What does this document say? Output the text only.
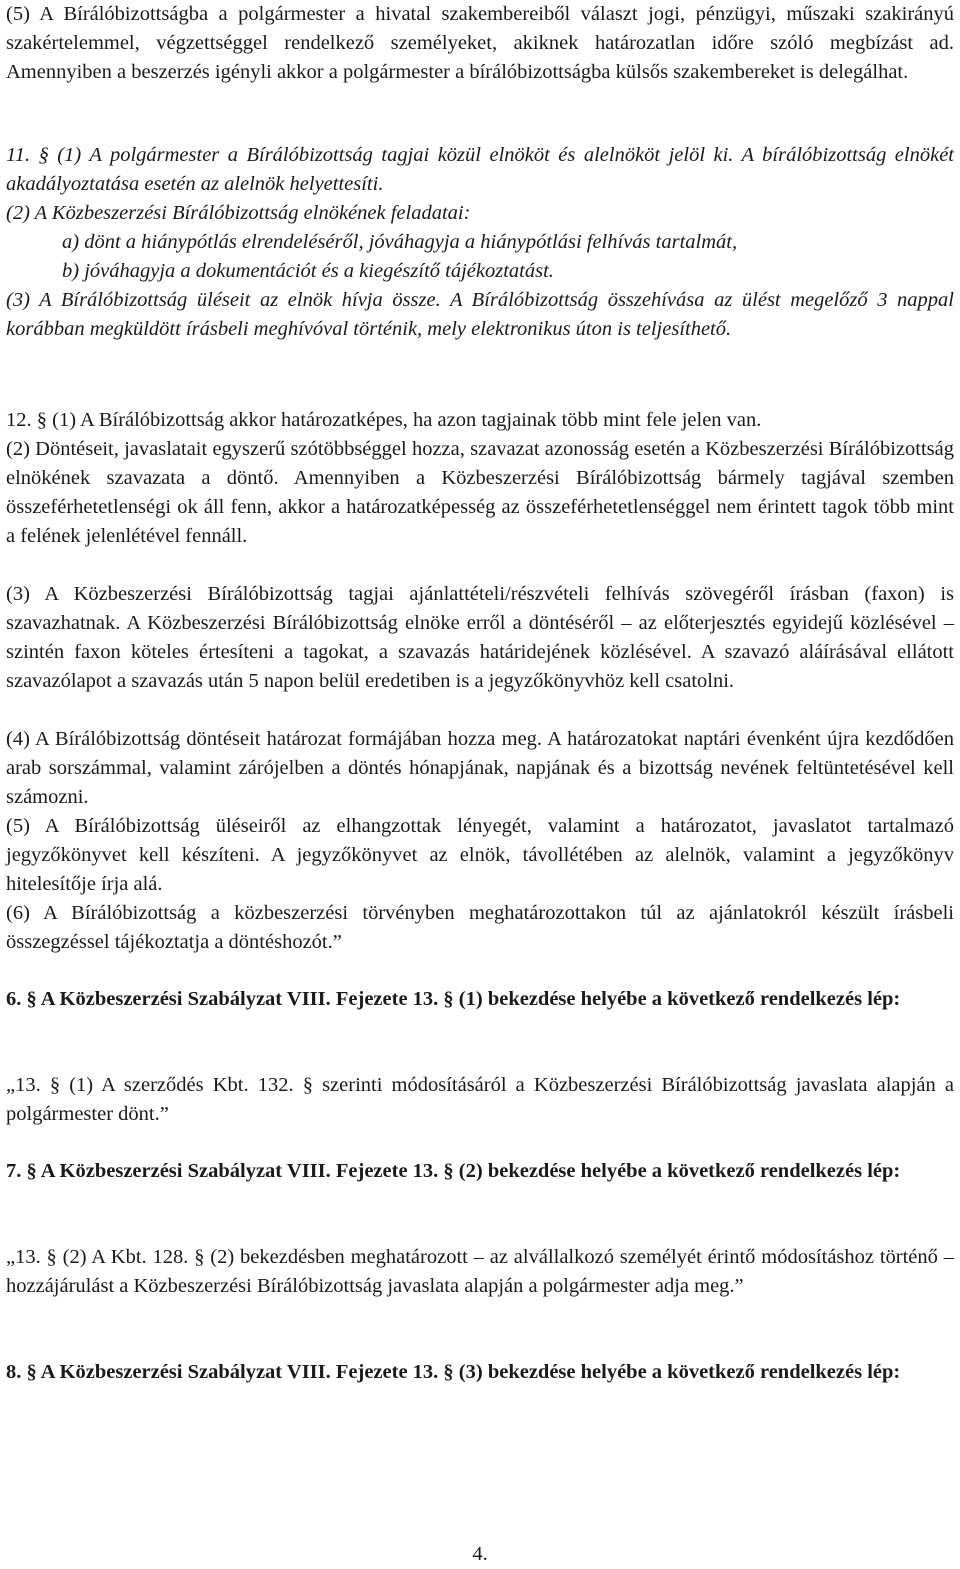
(5) A Bírálóbizottságba a polgármester a hivatal szakembereiből választ jogi, pénzügyi, műszaki szakirányú szakértelemmel, végzettséggel rendelkező személyeket, akiknek határozatlan időre szóló megbízást ad. Amennyiben a beszerzés igényli akkor a polgármester a bírálóbizottságba külsős szakembereket is delegálhat.

11. § (1) A polgármester a Bírálóbizottság tagjai közül elnököt és alelnököt jelöl ki. A bírálóbizottság elnökét akadályoztatása esetén az alelnök helyettesíti.

(2) A Közbeszerzési Bírálóbizottság elnökének feladatai:

a) dönt a hiánypótlás elrendeléséről, jóváhagyja a hiánypótlási felhívás tartalmát,

b) jóváhagyja a dokumentációt és a kiegészítő tájékoztatást.

(3) A Bírálóbizottság üléseit az elnök hívja össze. A Bírálóbizottság összehívása az ülést megelőző 3 nappal korábban megküldött írásbeli meghívóval történik, mely elektronikus úton is teljesíthető.

12. § (1) A Bírálóbizottság akkor határozatképes, ha azon tagjainak több mint fele jelen van.

(2) Döntéseit, javaslatait egyszerű szótöbbséggel hozza, szavazat azonosság esetén a Közbeszerzési Bírálóbizottság elnökének szavazata a döntő. Amennyiben a Közbeszerzési Bírálóbizottság bármely tagjával szemben összeférhetetlenségi ok áll fenn, akkor a határozatképesség az összeférhetetlenséggel nem érintett tagok több mint a felének jelenlétével fennáll.

(3) A Közbeszerzési Bírálóbizottság tagjai ajánlattételi/részvételi felhívás szövegéről írásban (faxon) is szavazhatnak. A Közbeszerzési Bírálóbizottság elnöke erről a döntéséről – az előterjesztés egyidejű közlésével – szintén faxon köteles értesíteni a tagokat, a szavazás határidejének közlésével. A szavazó aláírásával ellátott szavazólapot a szavazás után 5 napon belül eredetiben is a jegyzőkönyvhöz kell csatolni.

(4) A Bírálóbizottság döntéseit határozat formájában hozza meg. A határozatokat naptári évenként újra kezdődően arab sorszámmal, valamint zárójelben a döntés hónapjának, napjának és a bizottság nevének feltüntetésével kell számozni.

(5) A Bírálóbizottság üléseiről az elhangzottak lényegét, valamint a határozatot, javaslatot tartalmazó jegyzőkönyvet kell készíteni. A jegyzőkönyvet az elnök, távollétében az alelnök, valamint a jegyzőkönyv hitelesítője írja alá.

(6) A Bírálóbizottság a közbeszerzési törvényben meghatározottakon túl az ajánlatokról készült írásbeli összegzéssel tájékoztatja a döntéshozót.”

6. § A Közbeszerzési Szabályzat VIII. Fejezete 13. § (1) bekezdése helyébe a következő rendelkezés lép:

„13. § (1) A szerződés Kbt. 132. § szerinti módosításáról a Közbeszerzési Bírálóbizottság javaslata alapján a polgármester dönt.”

7. § A Közbeszerzési Szabályzat VIII. Fejezete 13. § (2) bekezdése helyébe a következő rendelkezés lép:

„13. § (2) A Kbt. 128. § (2) bekezdésben meghatározott – az alvállalkozó személyét érintő módosításhoz történő – hozzájárulást a Közbeszerzési Bírálóbizottság javaslata alapján a polgármester adja meg.”

8. § A Közbeszerzési Szabályzat VIII. Fejezete 13. § (3) bekezdése helyébe a következő rendelkezés lép:

4.
